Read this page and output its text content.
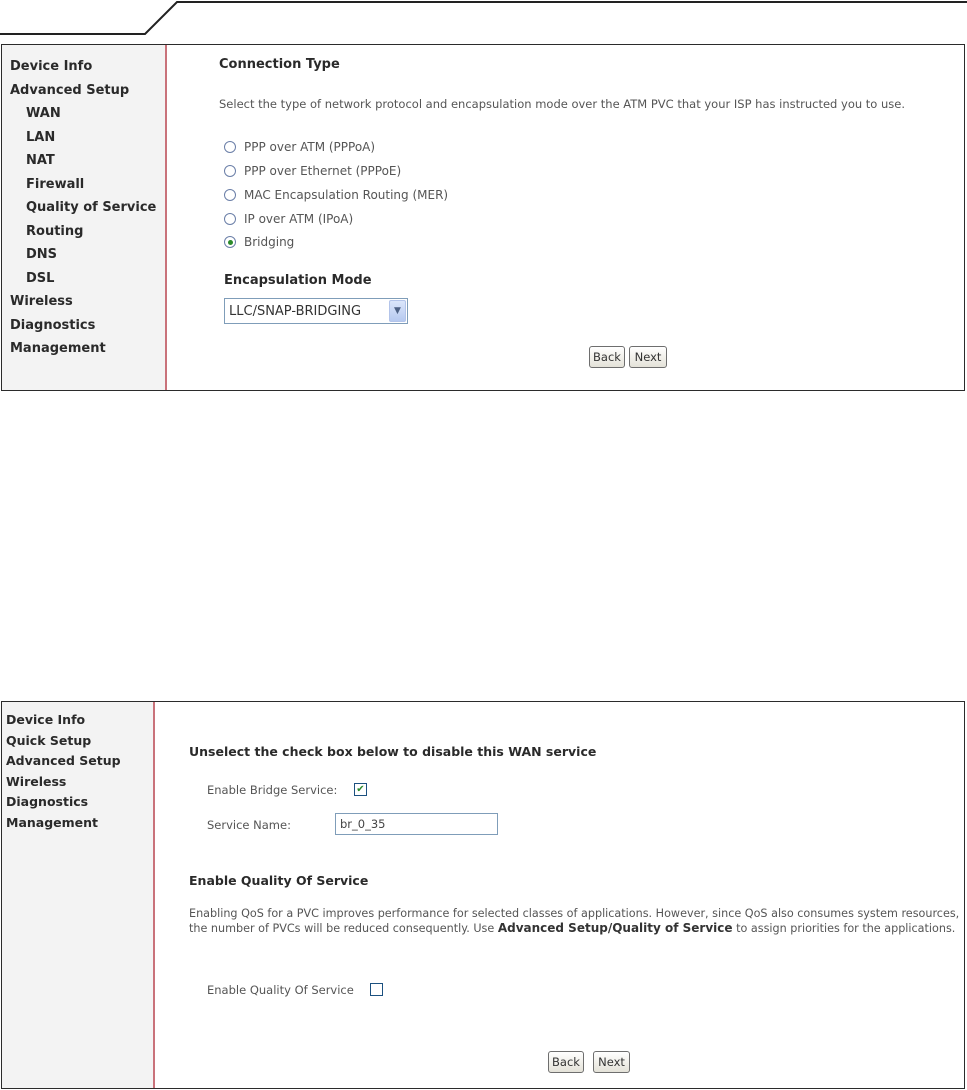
Device Info
Advanced Setup
WAN
LAN
NAT
Firewall
Quality of Service
Routing
DNS
DSL
Wireless
Diagnostics
Management
Connection Type
Select the type of network protocol and encapsulation mode over the ATM PVC that your ISP has instructed you to use.
PPP over ATM (PPPoA)
PPP over Ethernet (PPPoE)
MAC Encapsulation Routing (MER)
IP over ATM (IPoA)
Bridging
Encapsulation Mode
LLC/SNAP-BRIDGING	▼
Back	Next
Device Info
Quick Setup
Advanced Setup
Wireless
Diagnostics
Management
Unselect the check box below to disable this WAN service
Enable Bridge Service: ✔
Service Name:	br_0_35
Enable Quality Of Service
Enabling QoS for a PVC improves performance for selected classes of applications. However, since QoS also consumes system resources, the number of PVCs will be reduced consequently. Use Advanced Setup/Quality of Service to assign priorities for the applications.
Enable Quality Of Service
Back	Next
